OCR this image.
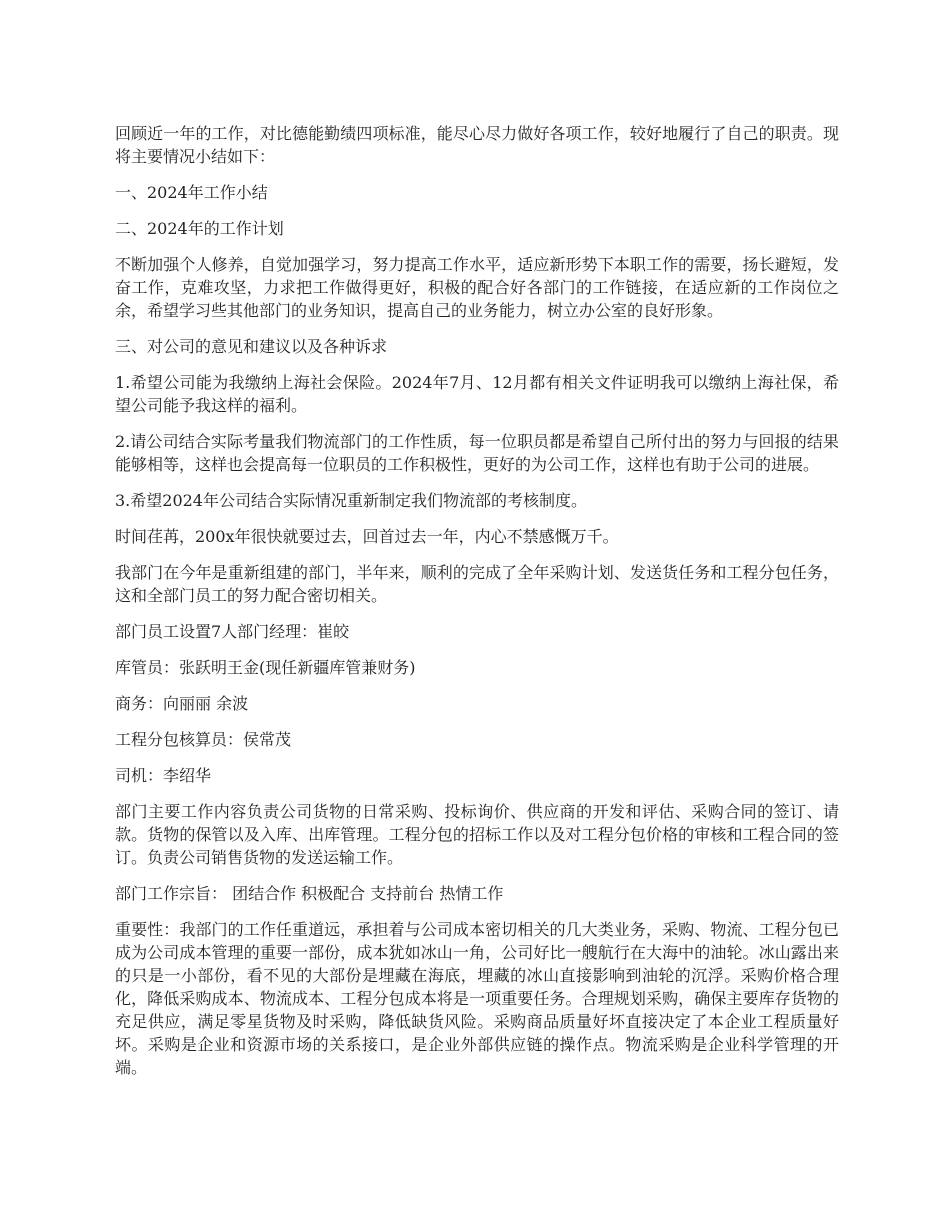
回顾近一年的工作，对比德能勤绩四项标准，能尽心尽力做好各项工作，较好地履行了自己的职责。现将主要情况小结如下：

一、2024年工作小结

二、2024年的工作计划

不断加强个人修养，自觉加强学习，努力提高工作水平，适应新形势下本职工作的需要，扬长避短，发奋工作，克难攻坚，力求把工作做得更好，积极的配合好各部门的工作链接，在适应新的工作岗位之余，希望学习些其他部门的业务知识，提高自己的业务能力，树立办公室的良好形象。

三、对公司的意见和建议以及各种诉求

1.希望公司能为我缴纳上海社会保险。2024年7月、12月都有相关文件证明我可以缴纳上海社保，希望公司能予我这样的福利。

2.请公司结合实际考量我们物流部门的工作性质，每一位职员都是希望自己所付出的努力与回报的结果能够相等，这样也会提高每一位职员的工作积极性，更好的为公司工作，这样也有助于公司的进展。

3.希望2024年公司结合实际情况重新制定我们物流部的考核制度。

时间荏苒，200x年很快就要过去，回首过去一年，内心不禁感慨万千。

我部门在今年是重新组建的部门，半年来，顺利的完成了全年采购计划、发送货任务和工程分包任务，这和全部门员工的努力配合密切相关。

部门员工设置7人部门经理：崔皎

库管员：张跃明王金(现任新疆库管兼财务)

商务：向丽丽 余波

工程分包核算员：侯常茂

司机：李绍华

部门主要工作内容负责公司货物的日常采购、投标询价、供应商的开发和评估、采购合同的签订、请款。货物的保管以及入库、出库管理。工程分包的招标工作以及对工程分包价格的审核和工程合同的签订。负责公司销售货物的发送运输工作。

部门工作宗旨： 团结合作 积极配合 支持前台 热情工作

重要性：我部门的工作任重道远，承担着与公司成本密切相关的几大类业务，采购、物流、工程分包已成为公司成本管理的重要一部份，成本犹如冰山一角，公司好比一艘航行在大海中的油轮。冰山露出来的只是一小部份，看不见的大部份是埋藏在海底，埋藏的冰山直接影响到油轮的沉浮。采购价格合理化，降低采购成本、物流成本、工程分包成本将是一项重要任务。合理规划采购，确保主要库存货物的充足供应，满足零星货物及时采购，降低缺货风险。采购商品质量好坏直接决定了本企业工程质量好坏。采购是企业和资源市场的关系接口，是企业外部供应链的操作点。物流采购是企业科学管理的开端。
